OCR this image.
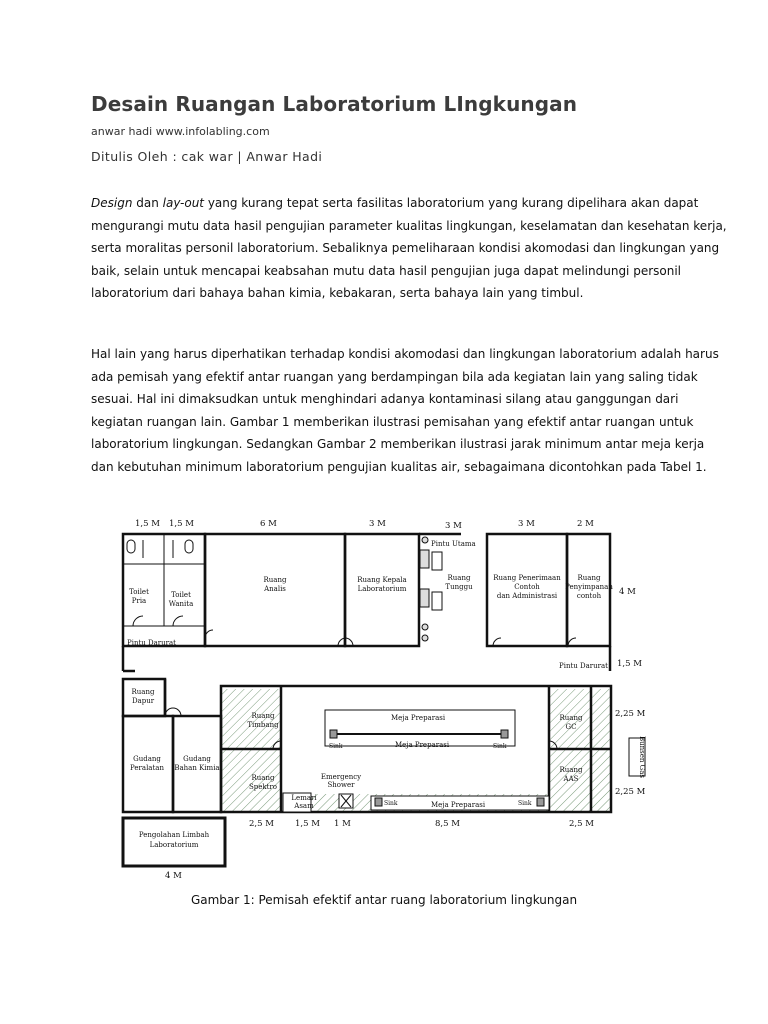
Desain Ruangan Laboratorium LIngkungan
anwar hadi www.infolabling.com
Ditulis Oleh : cak war | Anwar Hadi
Design dan lay-out yang kurang tepat serta fasilitas laboratorium yang kurang dipelihara akan dapat
mengurangi mutu data hasil pengujian parameter kualitas lingkungan, keselamatan dan kesehatan kerja,
serta moralitas personil laboratorium. Sebaliknya pemeliharaan kondisi akomodasi dan lingkungan yang
baik, selain untuk mencapai keabsahan mutu data hasil pengujian juga dapat melindungi personil
laboratorium dari bahaya bahan kimia, kebakaran, serta bahaya lain yang timbul.
Hal lain yang harus diperhatikan terhadap kondisi akomodasi dan lingkungan laboratorium adalah harus
ada pemisah yang efektif antar ruangan yang berdampingan bila ada kegiatan lain yang saling tidak
sesuai. Hal ini dimaksudkan untuk menghindari adanya kontaminasi silang atau ganggungan dari
kegiatan ruangan lain. Gambar 1 memberikan ilustrasi pemisahan yang efektif antar ruangan untuk
laboratorium lingkungan. Sedangkan Gambar 2 memberikan ilustrasi jarak minimum antar meja kerja
dan kebutuhan minimum laboratorium pengujian kualitas air, sebagaimana dicontohkan pada Tabel 1.
1,5 M 1,5 M	6 M	3 M	3 M	3 M	2 M
4 M
1,5 M
2,25 M
2,25 M
Bunsen Gas
2,5 M 1,5 M 1 M	8,5 M	2,5 M
4 M
Toilet Pria
Toilet Wanita
Ruang Analis
Ruang Kepala Laboratorium
Ruang Tunggu
Ruang Penerimaan Contoh dan Administrasi
Ruang Penyimpanan contoh
Ruang Dapur
Gudang Peralatan
Gudang Bahan Kimia
Ruang Timbang
Ruang Spektro
Lemari Asam
Emergency Shower
Ruang GC
Ruang AAS
Pengolahan Limbah Laboratorium
Pintu Utama
Pintu Darurat
Pintu Darurat
Meja Preparasi
Meja Preparasi
Meja Preparasi
Sink	Sink
Sink	Sink
Gambar 1: Pemisah efektif antar ruang laboratorium lingkungan
